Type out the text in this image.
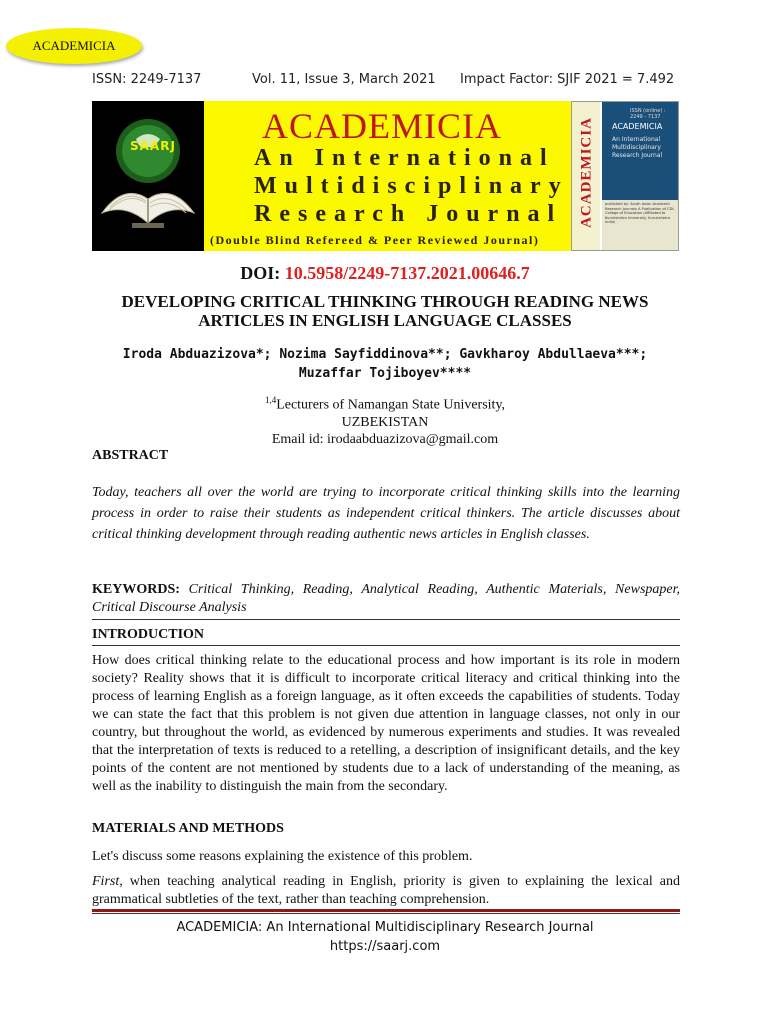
ACADEMICIA
ISSN: 2249-7137	Vol. 11, Issue 3, March 2021 Impact Factor: SJIF 2021 = 7.492
SAARJ ACADEMICIA
An International
Multidisciplinary
Research Journal
(Double Blind Refereed & Peer Reviewed Journal)
ACADEMICIA
ISSN (online) : 2249 - 7137
ACADEMICIA
An International Multidisciplinary Research Journal
published by: South Asian Academic Research Journals A Publication of CDL College of Education (Affiliated to Kurukshetra University, Kurukshetra India)
DOI: 10.5958/2249-7137.2021.00646.7
DEVELOPING CRITICAL THINKING THROUGH READING NEWS
ARTICLES IN ENGLISH LANGUAGE CLASSES
Iroda Abduazizova*; Nozima Sayfiddinova**; Gavkharoy Abdullaeva***;
Muzaffar Tojiboyev****
$^{1,4}$Lecturers of Namangan State University,
UZBEKISTAN
Email id: irodaabduazizova@gmail.com
ABSTRACT
Today, teachers all over the world are trying to incorporate critical thinking skills into the learning process in order to raise their students as independent critical thinkers. The article discusses about critical thinking development through reading authentic news articles in English classes.
KEYWORDS: Critical Thinking, Reading, Analytical Reading, Authentic Materials, Newspaper, Critical Discourse Analysis
INTRODUCTION
How does critical thinking relate to the educational process and how important is its role in modern society? Reality shows that it is difficult to incorporate critical literacy and critical thinking into the process of learning English as a foreign language, as it often exceeds the capabilities of students. Today we can state the fact that this problem is not given due attention in language classes, not only in our country, but throughout the world, as evidenced by numerous experiments and studies. It was revealed that the interpretation of texts is reduced to a retelling, a description of insignificant details, and the key points of the content are not mentioned by students due to a lack of understanding of the meaning, as well as the inability to distinguish the main from the secondary.
MATERIALS AND METHODS
Let's discuss some reasons explaining the existence of this problem.
First, when teaching analytical reading in English, priority is given to explaining the lexical and grammatical subtleties of the text, rather than teaching comprehension.
ACADEMICIA: An International Multidisciplinary Research Journal
https://saarj.com
